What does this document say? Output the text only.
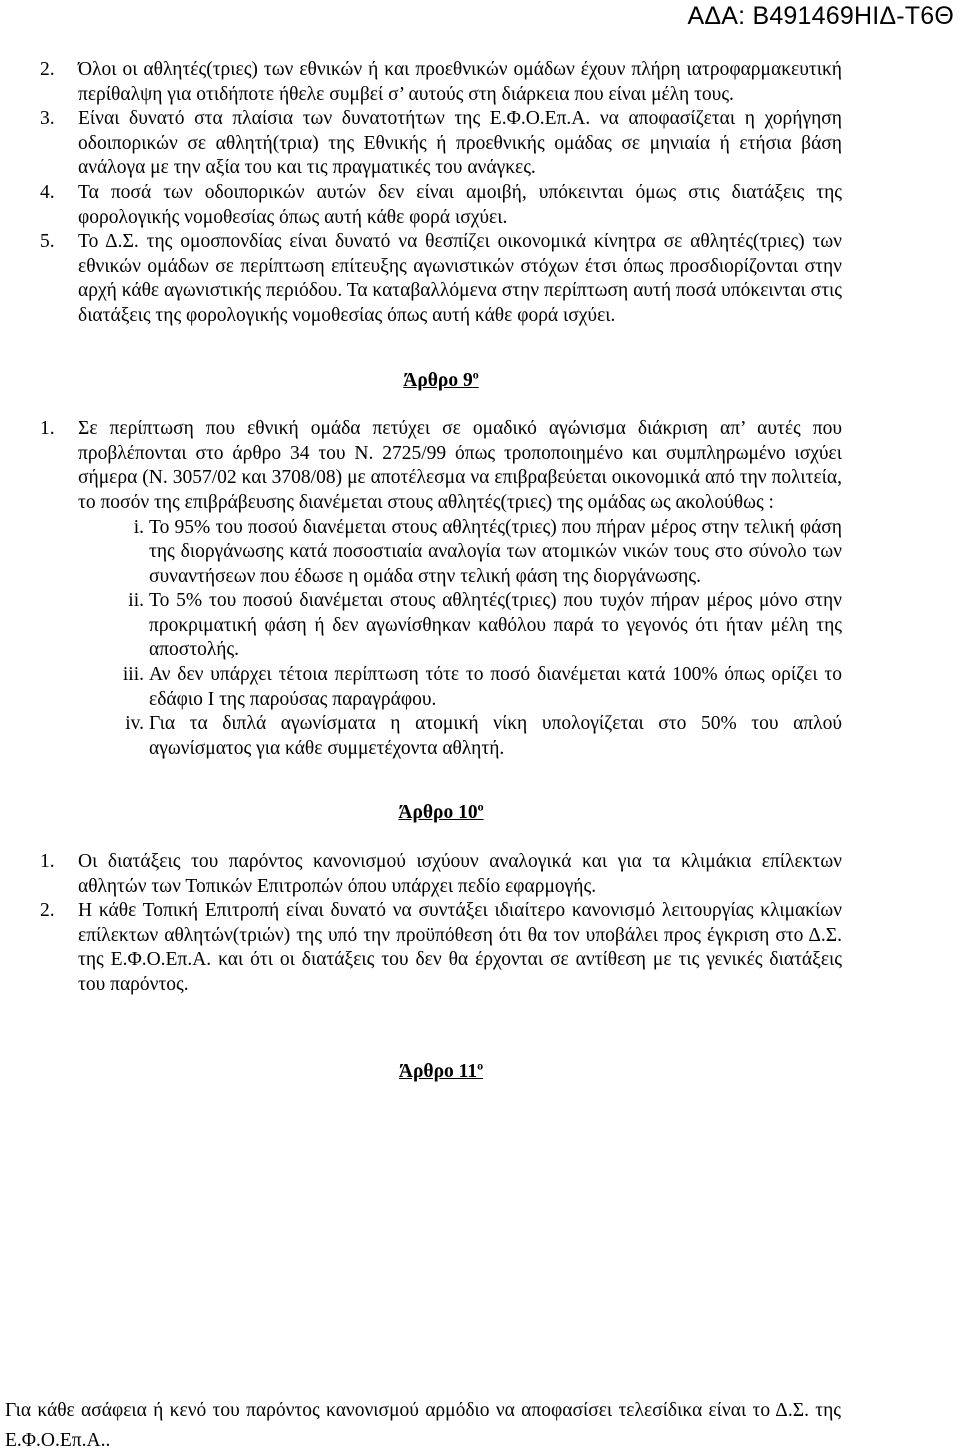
ΑΔΑ: Β491469ΗΙΔ-Τ6Θ
2. Όλοι οι αθλητές(τριες) των εθνικών ή και προεθνικών ομάδων έχουν πλήρη ιατροφαρμακευτική περίθαλψη για οτιδήποτε ήθελε συμβεί σ’ αυτούς στη διάρκεια που είναι μέλη τους.
3. Είναι δυνατό στα πλαίσια των δυνατοτήτων της Ε.Φ.Ο.Επ.Α. να αποφασίζεται η χορήγηση οδοιπορικών σε αθλητή(τρια) της Εθνικής ή προεθνικής ομάδας σε μηνιαία ή ετήσια βάση ανάλογα με την αξία του και τις πραγματικές του ανάγκες.
4. Τα ποσά των οδοιπορικών αυτών δεν είναι αμοιβή, υπόκεινται όμως στις διατάξεις της φορολογικής νομοθεσίας όπως αυτή κάθε φορά ισχύει.
5. Το Δ.Σ. της ομοσπονδίας είναι δυνατό να θεσπίζει οικονομικά κίνητρα σε αθλητές(τριες) των εθνικών ομάδων σε περίπτωση επίτευξης αγωνιστικών στόχων έτσι όπως προσδιορίζονται στην αρχή κάθε αγωνιστικής περιόδου. Τα καταβαλλόμενα στην περίπτωση αυτή ποσά υπόκεινται στις διατάξεις της φορολογικής νομοθεσίας όπως αυτή κάθε φορά ισχύει.

Άρθρο $9^o$

1. Σε περίπτωση που εθνική ομάδα πετύχει σε ομαδικό αγώνισμα διάκριση απ’ αυτές που προβλέπονται στο άρθρο 34 του Ν. 2725/99 όπως τροποποιημένο και συμπληρωμένο ισχύει σήμερα (Ν. 3057/02 και 3708/08) με αποτέλεσμα να επιβραβεύεται οικονομικά από την πολιτεία, το ποσόν της επιβράβευσης διανέμεται στους αθλητές(τριες) της ομάδας ως ακολούθως :
i. Το 95% του ποσού διανέμεται στους αθλητές(τριες) που πήραν μέρος στην τελική φάση της διοργάνωσης κατά ποσοστιαία αναλογία των ατομικών νικών τους στο σύνολο των συναντήσεων που έδωσε η ομάδα στην τελική φάση της διοργάνωσης.
ii. Το 5% του ποσού διανέμεται στους αθλητές(τριες) που τυχόν πήραν μέρος μόνο στην προκριματική φάση ή δεν αγωνίσθηκαν καθόλου παρά το γεγονός ότι ήταν μέλη της αποστολής.
iii. Αν δεν υπάρχει τέτοια περίπτωση τότε το ποσό διανέμεται κατά 100% όπως ορίζει το εδάφιο Ι της παρούσας παραγράφου.
iv. Για τα διπλά αγωνίσματα η ατομική νίκη υπολογίζεται στο 50% του απλού αγωνίσματος για κάθε συμμετέχοντα αθλητή.

Άρθρο $10^o$

1. Οι διατάξεις του παρόντος κανονισμού ισχύουν αναλογικά και για τα κλιμάκια επίλεκτων αθλητών των Τοπικών Επιτροπών όπου υπάρχει πεδίο εφαρμογής.
2. Η κάθε Τοπική Επιτροπή είναι δυνατό να συντάξει ιδιαίτερο κανονισμό λειτουργίας κλιμακίων επίλεκτων αθλητών(τριών) της υπό την προϋπόθεση ότι θα τον υποβάλει προς έγκριση στο Δ.Σ. της Ε.Φ.Ο.Επ.Α. και ότι οι διατάξεις του δεν θα έρχονται σε αντίθεση με τις γενικές διατάξεις του παρόντος.

Άρθρο $11^o$

Για κάθε ασάφεια ή κενό του παρόντος κανονισμού αρμόδιο να αποφασίσει τελεσίδικα είναι το Δ.Σ. της Ε.Φ.Ο.Επ.Α..
